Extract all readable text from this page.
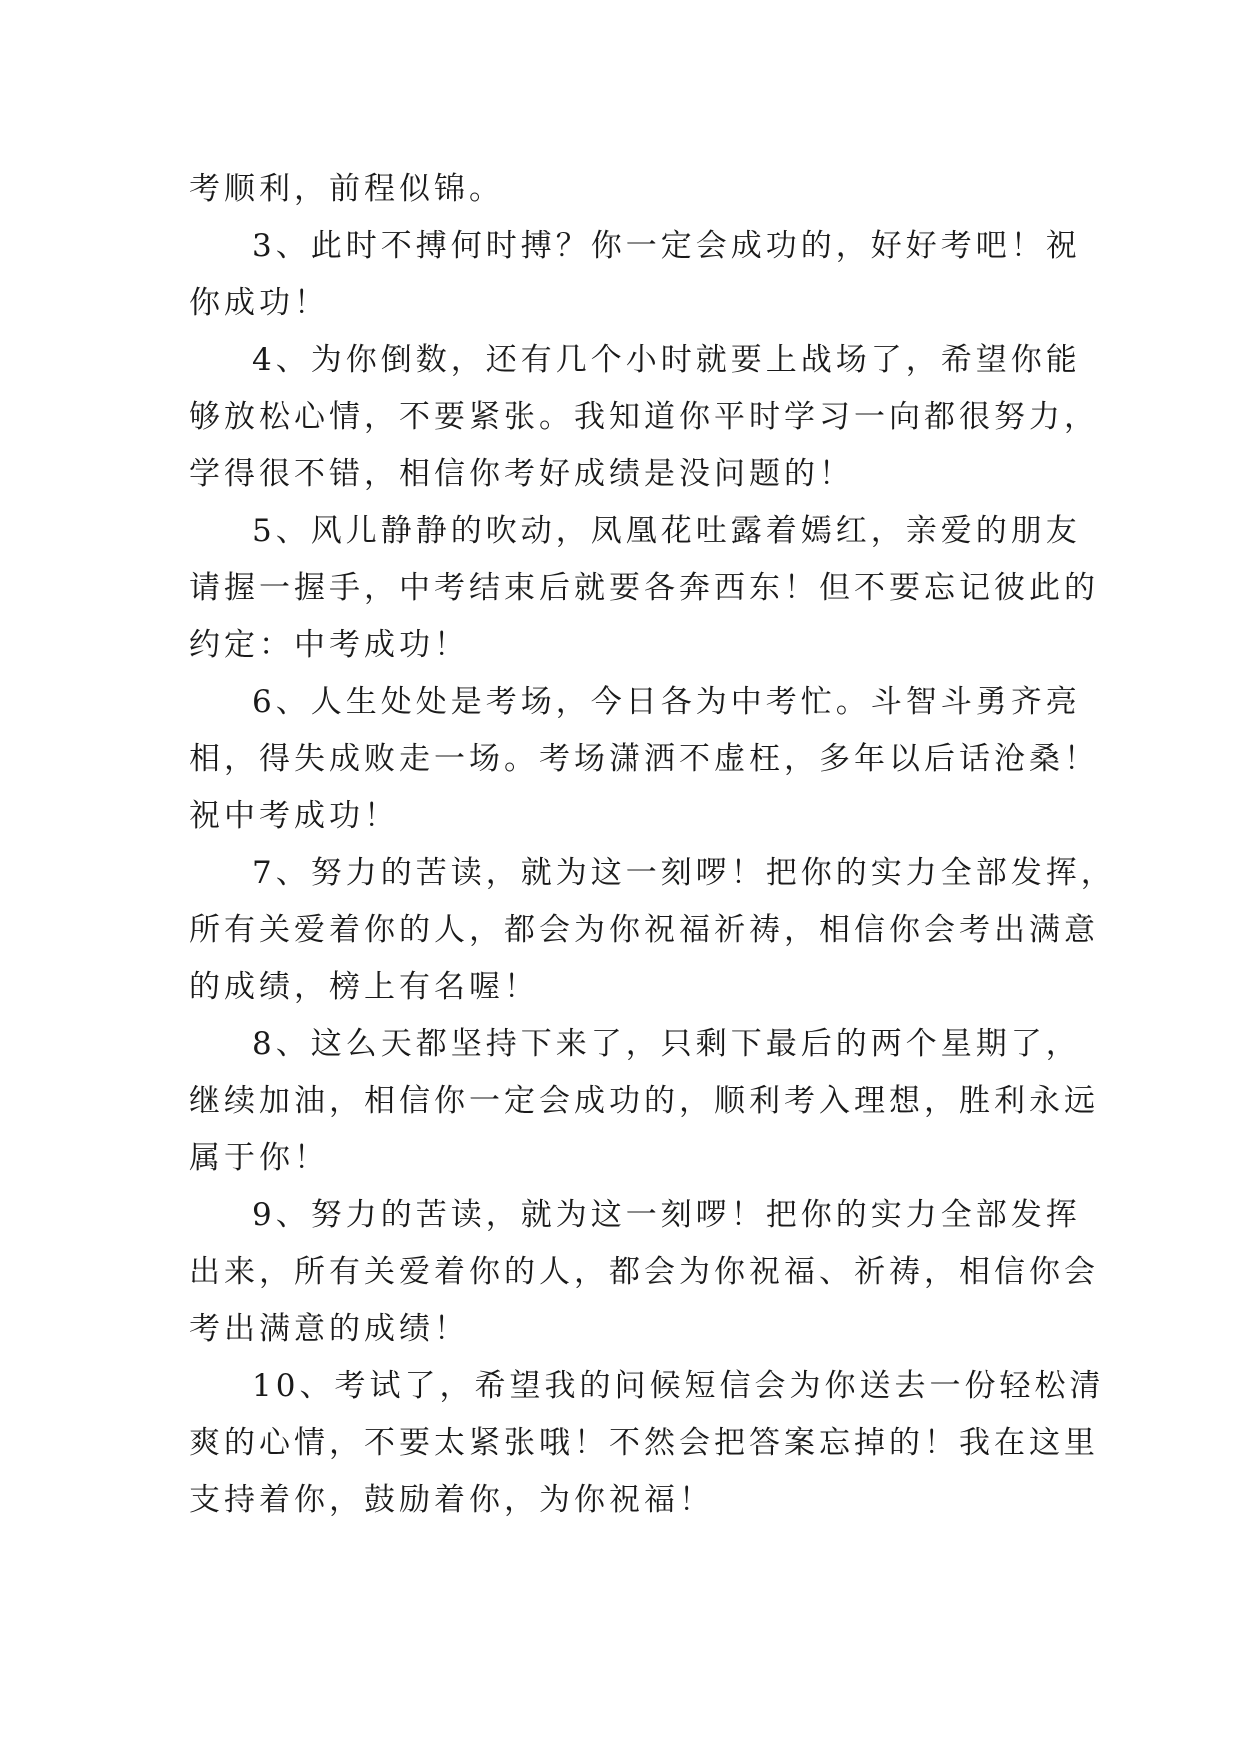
考顺利，前程似锦。
3、此时不搏何时搏？你一定会成功的，好好考吧！祝
你成功！
4、为你倒数，还有几个小时就要上战场了，希望你能
够放松心情，不要紧张。我知道你平时学习一向都很努力，
学得很不错，相信你考好成绩是没问题的！
5、风儿静静的吹动，凤凰花吐露着嫣红，亲爱的朋友
请握一握手，中考结束后就要各奔西东！但不要忘记彼此的
约定：中考成功！
6、人生处处是考场，今日各为中考忙。斗智斗勇齐亮
相，得失成败走一场。考场潇洒不虚枉，多年以后话沧桑！
祝中考成功！
7、努力的苦读，就为这一刻啰！把你的实力全部发挥，
所有关爱着你的人，都会为你祝福祈祷，相信你会考出满意
的成绩，榜上有名喔！
8、这么天都坚持下来了，只剩下最后的两个星期了，
继续加油，相信你一定会成功的，顺利考入理想，胜利永远
属于你！
9、努力的苦读，就为这一刻啰！把你的实力全部发挥
出来，所有关爱着你的人，都会为你祝福、祈祷，相信你会
考出满意的成绩！
10、考试了，希望我的问候短信会为你送去一份轻松清
爽的心情，不要太紧张哦！不然会把答案忘掉的！我在这里
支持着你，鼓励着你，为你祝福！
